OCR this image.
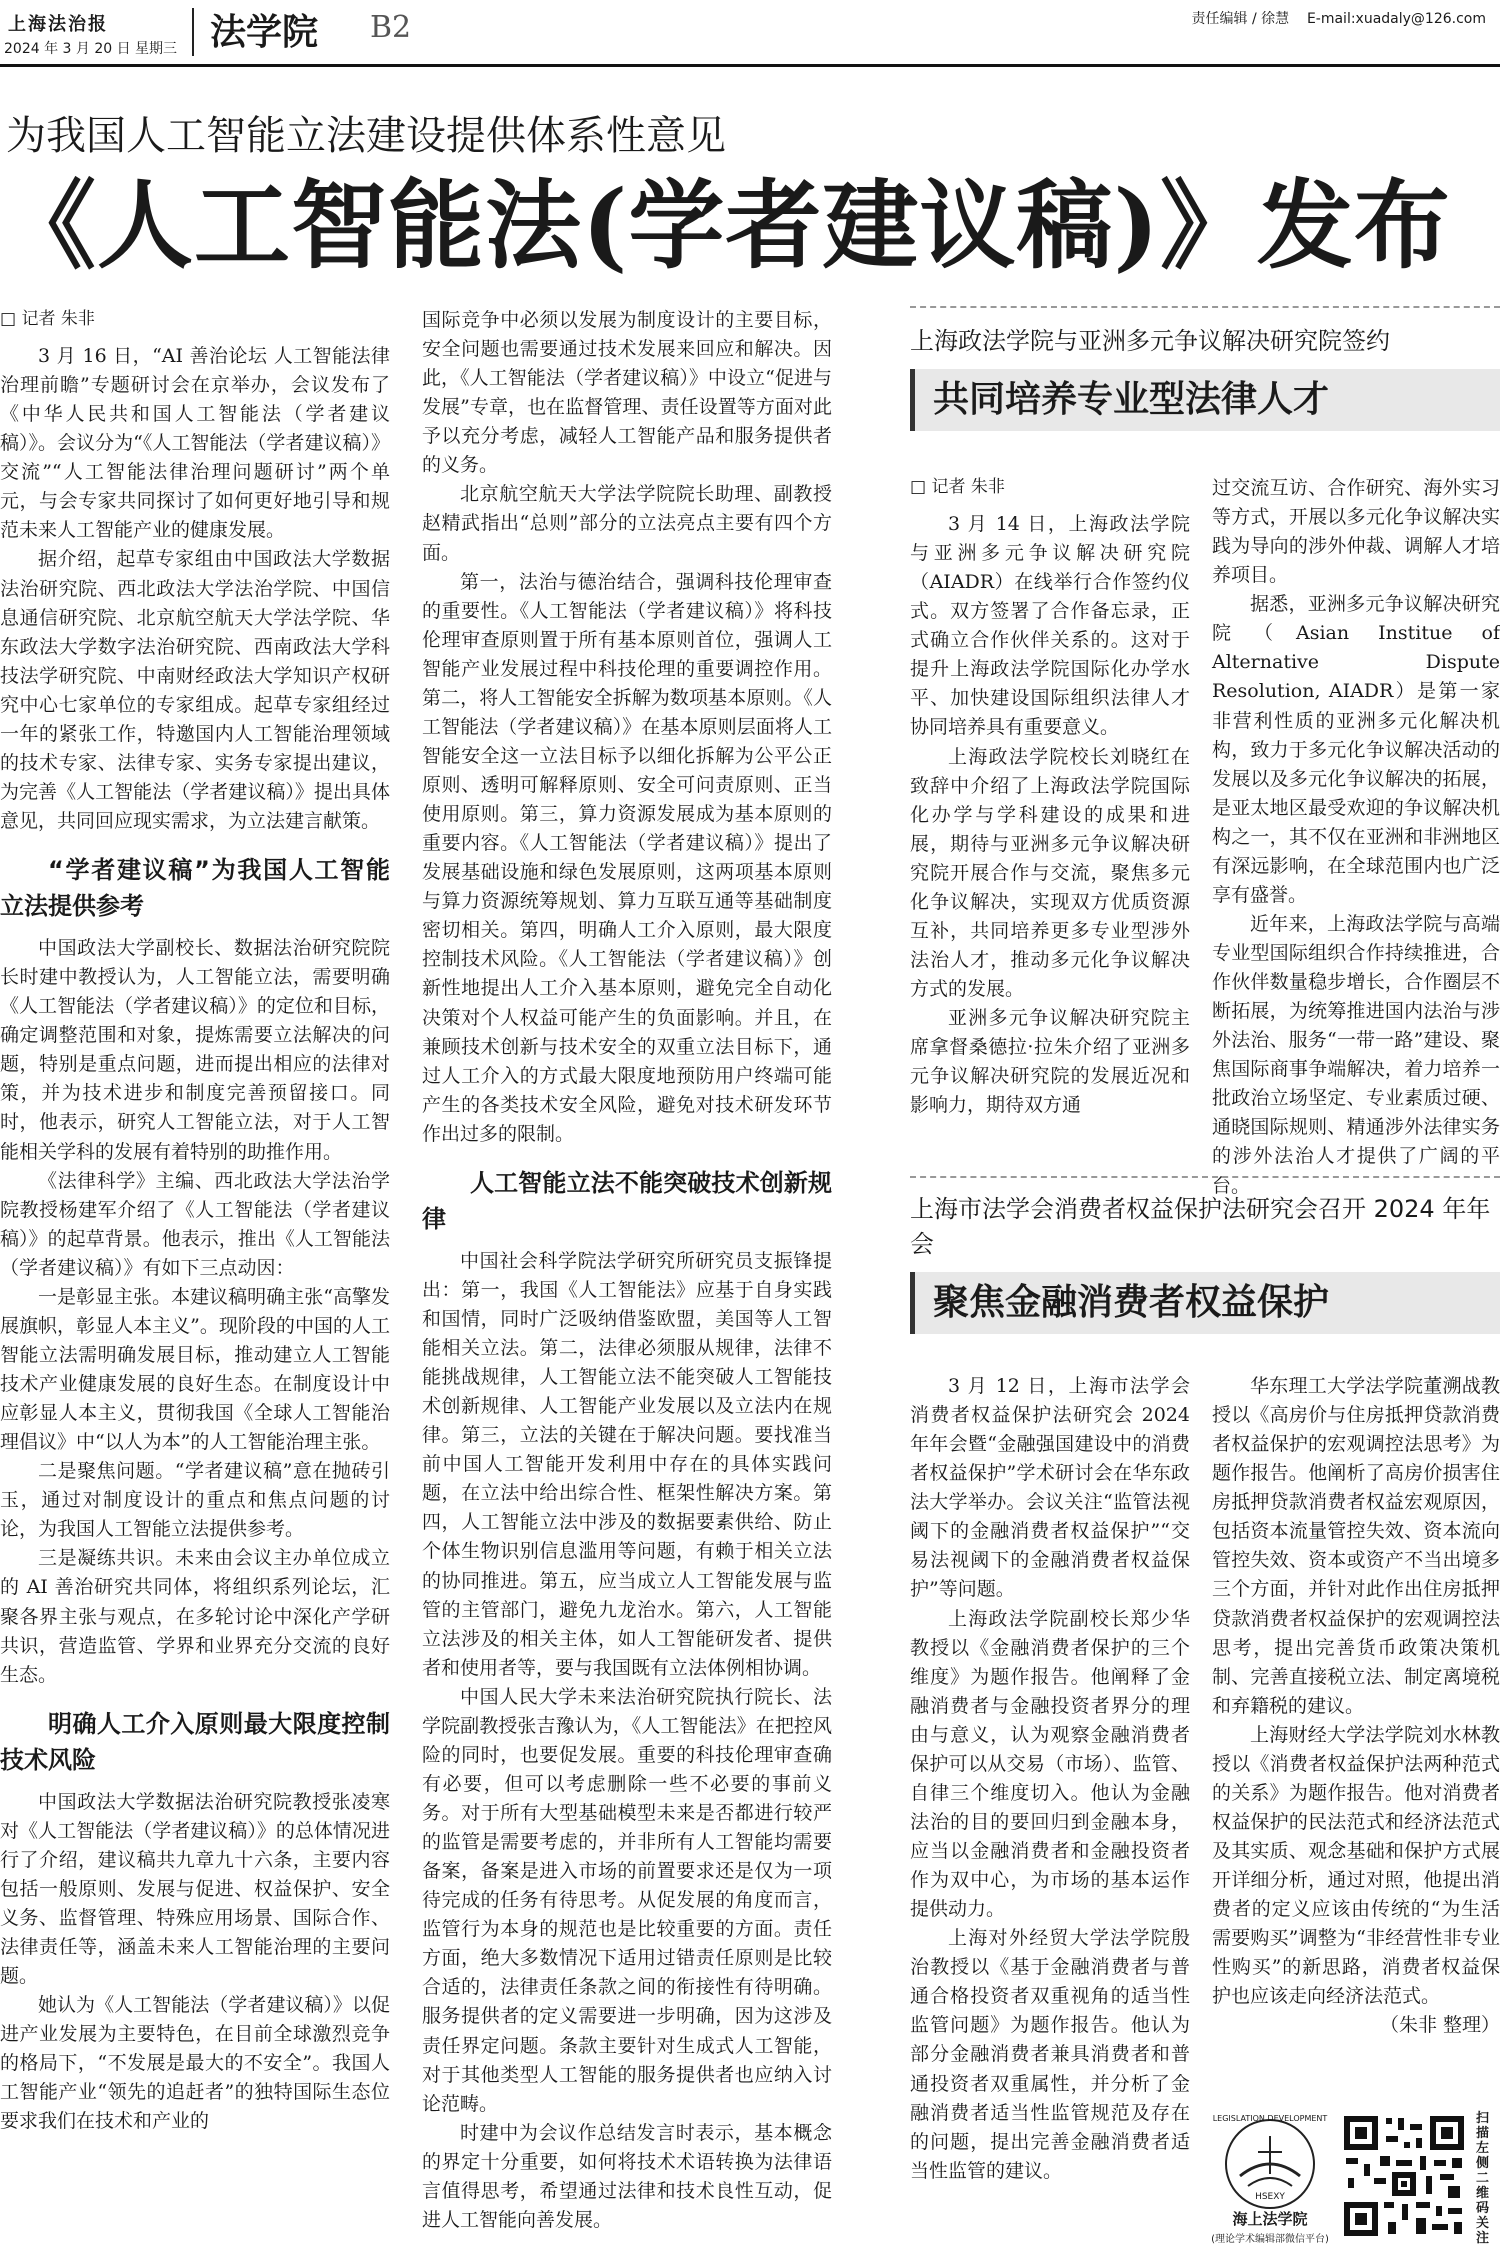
上海法治报
2024 年 3 月 20 日 星期三 法学院 B2	责任编辑 / 徐慧 E-mail:xuadaly@126.com
为我国人工智能立法建设提供体系性意见
《人工智能法(学者建议稿)》发布
□ 记者 朱非

3 月 16 日，“AI 善治论坛 人工智能法律治理前瞻”专题研讨会在京举办，会议发布了《中华人民共和国人工智能法（学者建议稿）》。会议分为“《人工智能法（学者建议稿）》交流”“人工智能法律治理问题研讨”两个单元，与会专家共同探讨了如何更好地引导和规范未来人工智能产业的健康发展。

据介绍，起草专家组由中国政法大学数据法治研究院、西北政法大学法治学院、中国信息通信研究院、北京航空航天大学法学院、华东政法大学数字法治研究院、西南政法大学科技法学研究院、中南财经政法大学知识产权研究中心七家单位的专家组成。起草专家组经过一年的紧张工作，特邀国内人工智能治理领域的技术专家、法律专家、实务专家提出建议，为完善《人工智能法（学者建议稿）》提出具体意见，共同回应现实需求，为立法建言献策。

“学者建议稿”为我国人工智能立法提供参考

中国政法大学副校长、数据法治研究院院长时建中教授认为，人工智能立法，需要明确《人工智能法（学者建议稿）》的定位和目标，确定调整范围和对象，提炼需要立法解决的问题，特别是重点问题，进而提出相应的法律对策，并为技术进步和制度完善预留接口。同时，他表示，研究人工智能立法，对于人工智能相关学科的发展有着特别的助推作用。

《法律科学》主编、西北政法大学法治学院教授杨建军介绍了《人工智能法（学者建议稿）》的起草背景。他表示，推出《人工智能法（学者建议稿）》有如下三点动因：

一是彰显主张。本建议稿明确主张“高擎发展旗帜，彰显人本主义”。现阶段的中国的人工智能立法需明确发展目标，推动建立人工智能技术产业健康发展的良好生态。在制度设计中应彰显人本主义，贯彻我国《全球人工智能治理倡议》中“以人为本”的人工智能治理主张。

二是聚焦问题。“学者建议稿”意在抛砖引玉，通过对制度设计的重点和焦点问题的讨论，为我国人工智能立法提供参考。

三是凝练共识。未来由会议主办单位成立的 AI 善治研究共同体，将组织系列论坛，汇聚各界主张与观点，在多轮讨论中深化产学研共识，营造监管、学界和业界充分交流的良好生态。

明确人工介入原则最大限度控制技术风险

中国政法大学数据法治研究院教授张凌寒对《人工智能法（学者建议稿）》的总体情况进行了介绍，建议稿共九章九十六条，主要内容包括一般原则、发展与促进、权益保护、安全义务、监督管理、特殊应用场景、国际合作、法律责任等，涵盖未来人工智能治理的主要问题。

她认为《人工智能法（学者建议稿）》以促进产业发展为主要特色，在目前全球激烈竞争的格局下，“不发展是最大的不安全”。我国人工智能产业“领先的追赶者”的独特国际生态位要求我们在技术和产业的

国际竞争中必须以发展为制度设计的主要目标，安全问题也需要通过技术发展来回应和解决。因此，《人工智能法（学者建议稿）》中设立“促进与发展”专章，也在监督管理、责任设置等方面对此予以充分考虑，减轻人工智能产品和服务提供者的义务。

北京航空航天大学法学院院长助理、副教授赵精武指出“总则”部分的立法亮点主要有四个方面。

第一，法治与德治结合，强调科技伦理审查的重要性。《人工智能法（学者建议稿）》将科技伦理审查原则置于所有基本原则首位，强调人工智能产业发展过程中科技伦理的重要调控作用。第二，将人工智能安全拆解为数项基本原则。《人工智能法（学者建议稿）》在基本原则层面将人工智能安全这一立法目标予以细化拆解为公平公正原则、透明可解释原则、安全可问责原则、正当使用原则。第三，算力资源发展成为基本原则的重要内容。《人工智能法（学者建议稿）》提出了发展基础设施和绿色发展原则，这两项基本原则与算力资源统筹规划、算力互联互通等基础制度密切相关。第四，明确人工介入原则，最大限度控制技术风险。《人工智能法（学者建议稿）》创新性地提出人工介入基本原则，避免完全自动化决策对个人权益可能产生的负面影响。并且，在兼顾技术创新与技术安全的双重立法目标下，通过人工介入的方式最大限度地预防用户终端可能产生的各类技术安全风险，避免对技术研发环节作出过多的限制。

人工智能立法不能突破技术创新规律

中国社会科学院法学研究所研究员支振锋提出：第一，我国《人工智能法》应基于自身实践和国情，同时广泛吸纳借鉴欧盟，美国等人工智能相关立法。第二，法律必须服从规律，法律不能挑战规律，人工智能立法不能突破人工智能技术创新规律、人工智能产业发展以及立法内在规律。第三，立法的关键在于解决问题。要找准当前中国人工智能开发利用中存在的具体实践问题，在立法中给出综合性、框架性解决方案。第四，人工智能立法中涉及的数据要素供给、防止个体生物识别信息滥用等问题，有赖于相关立法的协同推进。第五，应当成立人工智能发展与监管的主管部门，避免九龙治水。第六，人工智能立法涉及的相关主体，如人工智能研发者、提供者和使用者等，要与我国既有立法体例相协调。

中国人民大学未来法治研究院执行院长、法学院副教授张吉豫认为，《人工智能法》在把控风险的同时，也要促发展。重要的科技伦理审查确有必要，但可以考虑删除一些不必要的事前义务。对于所有大型基础模型未来是否都进行较严的监管是需要考虑的，并非所有人工智能均需要备案，备案是进入市场的前置要求还是仅为一项待完成的任务有待思考。从促发展的角度而言，监管行为本身的规范也是比较重要的方面。责任方面，绝大多数情况下适用过错责任原则是比较合适的，法律责任条款之间的衔接性有待明确。服务提供者的定义需要进一步明确，因为这涉及责任界定问题。条款主要针对生成式人工智能，对于其他类型人工智能的服务提供者也应纳入讨论范畴。

时建中为会议作总结发言时表示，基本概念的界定十分重要，如何将技术术语转换为法律语言值得思考，希望通过法律和技术良性互动，促进人工智能向善发展。

上海政法学院与亚洲多元争议解决研究院签约
共同培养专业型法律人才
□ 记者 朱非

3 月 14 日，上海政法学院与亚洲多元争议解决研究院（AIADR）在线举行合作签约仪式。双方签署了合作备忘录，正式确立合作伙伴关系的。这对于提升上海政法学院国际化办学水平、加快建设国际组织法律人才协同培养具有重要意义。

上海政法学院校长刘晓红在致辞中介绍了上海政法学院国际化办学与学科建设的成果和进展，期待与亚洲多元争议解决研究院开展合作与交流，聚焦多元化争议解决，实现双方优质资源互补，共同培养更多专业型涉外法治人才，推动多元化争议解决方式的发展。

亚洲多元争议解决研究院主席拿督桑德拉·拉朱介绍了亚洲多元争议解决研究院的发展近况和影响力，期待双方通

过交流互访、合作研究、海外实习等方式，开展以多元化争议解决实践为导向的涉外仲裁、调解人才培养项目。

据悉，亚洲多元争议解决研究院（Asian Institue of Alternative Dispute Resolution, AIADR）是第一家非营利性质的亚洲多元化解决机构，致力于多元化争议解决活动的发展以及多元化争议解决的拓展，是亚太地区最受欢迎的争议解决机构之一，其不仅在亚洲和非洲地区有深远影响，在全球范围内也广泛享有盛誉。

近年来，上海政法学院与高端专业型国际组织合作持续推进，合作伙伴数量稳步增长，合作圈层不断拓展，为统筹推进国内法治与涉外法治、服务“一带一路”建设、聚焦国际商事争端解决，着力培养一批政治立场坚定、专业素质过硬、通晓国际规则、精通涉外法律实务的涉外法治人才提供了广阔的平台。

上海市法学会消费者权益保护法研究会召开 2024 年年会
聚焦金融消费者权益保护

3 月 12 日，上海市法学会消费者权益保护法研究会 2024 年年会暨“金融强国建设中的消费者权益保护”学术研讨会在华东政法大学举办。会议关注“监管法视阈下的金融消费者权益保护”“交易法视阈下的金融消费者权益保护”等问题。

上海政法学院副校长郑少华教授以《金融消费者保护的三个维度》为题作报告。他阐释了金融消费者与金融投资者界分的理由与意义，认为观察金融消费者保护可以从交易（市场）、监管、自律三个维度切入。他认为金融法治的目的要回归到金融本身，应当以金融消费者和金融投资者作为双中心，为市场的基本运作提供动力。

上海对外经贸大学法学院殷治教授以《基于金融消费者与普通合格投资者双重视角的适当性监管问题》为题作报告。他认为部分金融消费者兼具消费者和普通投资者双重属性，并分析了金融消费者适当性监管规范及存在的问题，提出完善金融消费者适当性监管的建议。

华东理工大学法学院董溯战教授以《高房价与住房抵押贷款消费者权益保护的宏观调控法思考》为题作报告。他阐析了高房价损害住房抵押贷款消费者权益宏观原因，包括资本流量管控失效、资本流向管控失效、资本或资产不当出境多三个方面，并针对此作出住房抵押贷款消费者权益保护的宏观调控法思考，提出完善货币政策决策机制、完善直接税立法、制定离境税和弃籍税的建议。

上海财经大学法学院刘水林教授以《消费者权益保护法两种范式的关系》为题作报告。他对消费者权益保护的民法范式和经济法范式及其实质、观念基础和保护方式展开详细分析，通过对照，他提出消费者的定义应该由传统的“为生活需要购买”调整为“非经营性非专业性购买”的新思路，消费者权益保护也应该走向经济法范式。

（朱非 整理）

LEGISLATION DEVELOPMENT
HSEXY
海上法学院
(理论学术编辑部微信平台)
扫描左侧二维码关注
